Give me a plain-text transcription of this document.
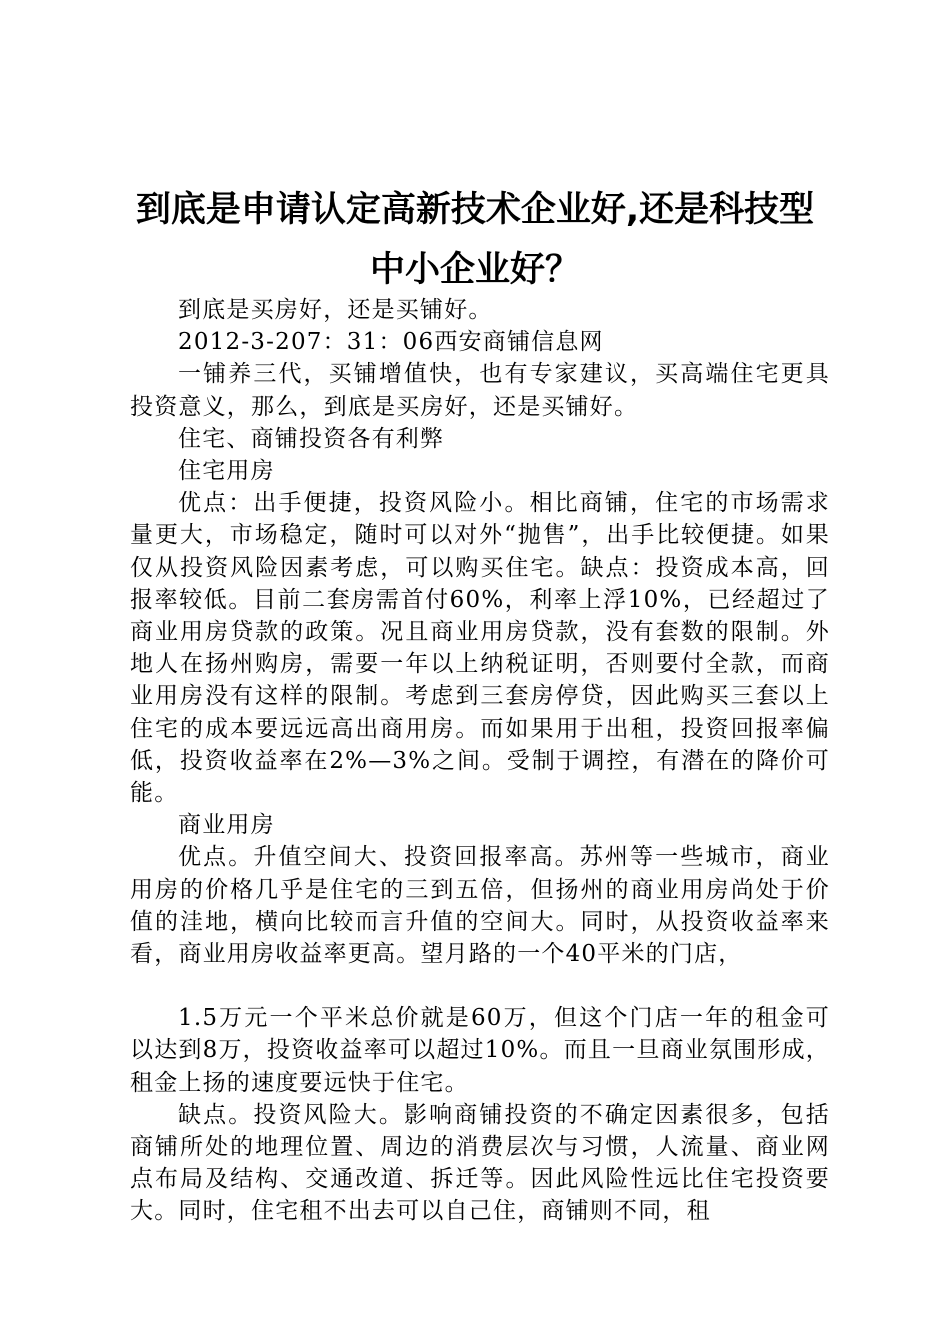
到底是申请认定高新技术企业好,还是科技型
中小企业好？

到底是买房好，还是买铺好。

2012-3-207：31：06西安商铺信息网

一铺养三代，买铺增值快，也有专家建议，买高端住宅更具投资意义，那么，到底是买房好，还是买铺好。

住宅、商铺投资各有利弊

住宅用房

优点：出手便捷，投资风险小。相比商铺，住宅的市场需求量更大，市场稳定，随时可以对外“抛售”，出手比较便捷。如果仅从投资风险因素考虑，可以购买住宅。缺点：投资成本高，回报率较低。目前二套房需首付60%，利率上浮10%，已经超过了商业用房贷款的政策。况且商业用房贷款，没有套数的限制。外地人在扬州购房，需要一年以上纳税证明，否则要付全款，而商业用房没有这样的限制。考虑到三套房停贷，因此购买三套以上住宅的成本要远远高出商用房。而如果用于出租，投资回报率偏低，投资收益率在2%—3%之间。受制于调控，有潜在的降价可能。

商业用房

优点。升值空间大、投资回报率高。苏州等一些城市，商业用房的价格几乎是住宅的三到五倍，但扬州的商业用房尚处于价值的洼地，横向比较而言升值的空间大。同时，从投资收益率来看，商业用房收益率更高。望月路的一个40平米的门店，

1.5万元一个平米总价就是60万，但这个门店一年的租金可以达到8万，投资收益率可以超过10%。而且一旦商业氛围形成，租金上扬的速度要远快于住宅。

缺点。投资风险大。影响商铺投资的不确定因素很多，包括商铺所处的地理位置、周边的消费层次与习惯，人流量、商业网点布局及结构、交通改道、拆迁等。因此风险性远比住宅投资要大。同时，住宅租不出去可以自己住，商铺则不同，租
